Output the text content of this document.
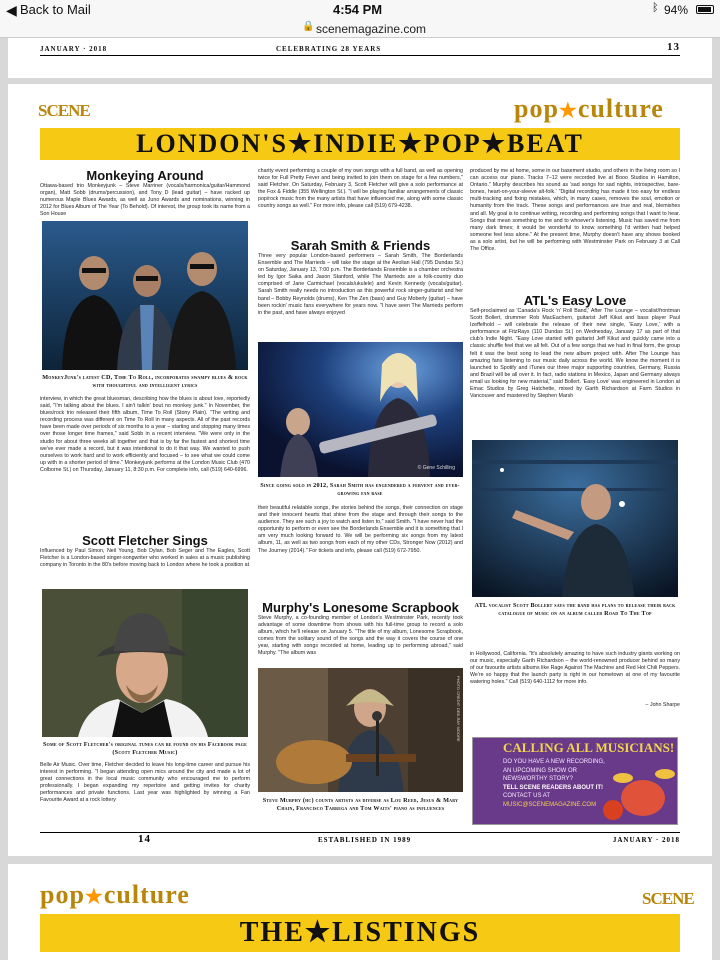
◀ Back to Mail	4:54 PM	ᛒ 94%
🔒 scenemagazine.com
JANUARY · 2018	CELEBRATING 28 YEARS	13
SCENE	pop★culture
LONDON'S★INDIE★POP★BEAT
Monkeying Around
Ottawa-based trio Monkeyjunk – Steve Marriner (vocals/harmonica/guitar/Hammond organ), Matt Sobb (drums/percussion), and Tony D (lead guitar) – have racked up numerous Maple Blues Awards, as well as Juno Awards and nominations, winning in 2012 for Blues Album of The Year (To Behold). Of interest, the group took its name from a Son House
MonkeyJunk's latest CD, Time To Roll, incorporates swampy blues & rock with thoughtful and intelligent lyrics
interview, in which the great bluesman, describing how the blues is about love, reportedly said, "I'm talking about the blues. I ain't talkin' bout no monkey junk." In November, the blues/rock trio released their fifth album, Time To Roll (Stony Plain). "The writing and recording process was different on Time To Roll in many aspects. All of the past records have been made over periods of six months to a year – starting and stopping many times over those longer time frames," said Sobb in a recent interview. "We were only in the studio for about three weeks all together and that is by far the fastest and shortest time we've ever made a record, but it was intentional to do it that way. We wanted to push ourselves to work hard and to work efficiently and focused – to see what we could come up with in a shorter period of time." Monkeyjunk performs at the London Music Club (470 Colborne St.) on Thursday, January 11, 8:30 p.m. For complete info, call (519) 640-6996.
Scott Fletcher Sings
Influenced by Paul Simon, Neil Young, Bob Dylan, Bob Seger and The Eagles, Scott Fletcher is a London-based singer-songwriter who worked in sales at a music publishing company in Toronto in the 80's before moving back to London where he took a position at
Some of Scott Fletcher's original tunes can be found on his Facebook page (Scott Fletcher Music)
Belle Air Music. Over time, Fletcher decided to leave his long-time career and pursue his interest in performing. "I began attending open mics around the city and made a lot of great connections in the local music community who encouraged me to perform professionally. I began expanding my repertoire and getting invites for charity performances and private functions. Last year was highlighted by winning a Fan Favourite Award at a rock lottery
charity event performing a couple of my own songs with a full band, as well as opening twice for Full Pretty Fever and being invited to join them on stage for a few numbers," said Fletcher. On Saturday, February 3, Scott Fletcher will give a solo performance at the Fox & Fiddle (355 Wellington St.). "I will be playing familiar arrangements of classic pop/rock music from the many artists that have influenced me, along with some classic country songs as well." For more info, please call (519) 679-4238.
Sarah Smith & Friends
Three very popular London-based performers – Sarah Smith, The Borderlands Ensemble and The Marrieds – will take the stage at the Aeolian Hall (795 Dundas St.) on Saturday, January 13, 7:00 p.m. The Borderlands Ensemble is a chamber orchestra led by Igor Saika and Jason Stanford, while The Marrieds are a folk-country duo comprised of Jane Carmichael (vocals/ukulele) and Kevin Kennedy (vocals/guitar). Sarah Smith really needs no introduction as this powerful rock singer-guitarist and her band – Bobby Reynolds (drums), Ken The Zen (bass) and Guy Moberly (guitar) – have been rockin' music fans everywhere for years now. "I have seen The Marrieds perform in the past, and have always enjoyed
© Gene Schilling
Since going solo in 2012, Sarah Smith has engendered a fervent and ever-growing fan base
their beautiful relatable songs, the stories behind the songs, their connection on stage and their innocent hearts that shine from the stage and through their songs to the audience. They are such a joy to watch and listen to," said Smith. "I have never had the opportunity to perform or even see the Borderlands Ensemble and it is something that I am very much looking forward to. We will be performing six songs from my latest album, 11, as well as two songs from each of my other CDs, Stronger Now (2012) and The Journey (2014)." For tickets and info, please call (519) 672-7950.
Murphy's Lonesome Scrapbook
Steve Murphy, a co-founding member of London's Westminster Park, recently took advantage of some downtime from shows with his full-time group to record a solo album, which he'll release on January 5. "The title of my album, Lonesome Scrapbook, comes from the solitary sound of the songs and the way it covers the course of one year, starting with songs recorded at home, leading up to performing abroad," said Murphy. "The album was
PHOTO CREDIT: DEE-RAY MOORE
Steve Murphy (hc) counts artists as diverse as Lou Reed, Jesus & Mary Chain, Francisco Tarrega and Tom Waits' piano as influences
produced by me at home, some in our basement studio, and others in the living room so I can access our piano. Tracks 7–12 were recorded live at Booo Studios in Hamilton, Ontario." Murphy describes his sound as 'sad songs for sad nights, introspective, bare-bones, heart-on-your-sleeve alt-folk.' "Digital recording has made it too easy for endless multi-tracking and fixing mistakes, which, in many cases, removes the soul, emotion or humanity from the track. These songs and performances are true and real, blemishes and all. My goal is to continue writing, recording and performing songs that I want to hear. Songs that mean something to me and to whoever's listening. Music has saved me from many dark times; it would be wonderful to know something I'd written had helped someone feel less alone." At the present time, Murphy doesn't have any shows booked as a solo artist, but he will be performing with Westminster Park on February 3 at Call The Office.
ATL's Easy Love
Self-proclaimed as 'Canada's Rock 'n' Roll Band,' After The Lounge – vocalist/frontman Scott Bollert, drummer Rob MacEachern, guitarist Jeff Kikut and bass player Paul Izeffelhold – will celebrate the release of their new single, 'Easy Love,' with a performance at FitzRays (110 Dundas St.) on Wednesday, January 17 as part of that club's Indie Night. "Easy Love started with guitarist Jeff Kikut and quickly came into a classic shuffle feel that we all felt. Out of a few songs that we had in final form, the group felt it was the best song to lead the new album project with. After The Lounge has amazing fans listening to our music daily across the world. We know the moment it is launched to Spotify and iTunes our three major supporting countries, Germany, Russia and Brazil will be all over it. In fact, radio stations in Mexico, Japan and Germany always email us looking for new material," said Bollert. 'Easy Love' was engineered in London at Emac Studios by Greg Hatchette, mixed by Garth Richardson at Farm Studios in Vancouver and mastered by Stephen Marsh
ATL vocalist Scott Bollert says the band has plans to release their back catalogue of music on an album called Road To The Top
in Hollywood, California. "It's absolutely amazing to have such industry giants working on our music, especially Garth Richardson – the world-renowned producer behind so many of our favourite artists albums like Rage Against The Machine and Red Hot Chili Peppers. We're so happy that the launch party is right in our hometown at one of my favourite watering holes." Call (519) 640-1112 for more info.
– John Sharpe
CALLING ALL MUSICIANS!
DO YOU HAVE A NEW RECORDING,
AN UPCOMING SHOW OR
NEWSWORTHY STORY?
TELL SCENE READERS ABOUT IT!
CONTACT US AT
MUSIC@SCENEMAGAZINE.COM
14	ESTABLISHED IN 1989	JANUARY · 2018
pop★culture	SCENE
THE★LISTINGS
